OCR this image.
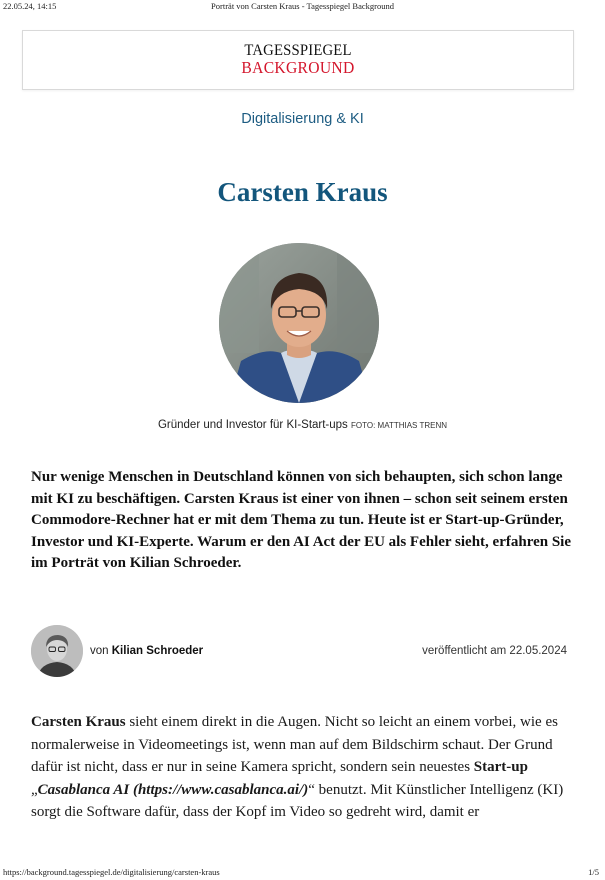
22.05.24, 14:15	Porträt von Carsten Kraus - Tagesspiegel Background
TAGESSPIEGEL
BACKGROUND
Digitalisierung & KI
Carsten Kraus
Gründer und Investor für KI-Start-ups FOTO: MATTHIAS TRENN

Nur wenige Menschen in Deutschland können von sich behaupten, sich schon lange mit KI zu beschäftigen. Carsten Kraus ist einer von ihnen – schon seit seinem ersten Commodore-Rechner hat er mit dem Thema zu tun. Heute ist er Start-up-Gründer, Investor und KI-Experte. Warum er den AI Act der EU als Fehler sieht, erfahren Sie im Porträt von Kilian Schroeder.

von Kilian Schroeder	veröffentlicht am 22.05.2024

Carsten Kraus sieht einem direkt in die Augen. Nicht so leicht an einem vorbei, wie es normalerweise in Videomeetings ist, wenn man auf dem Bildschirm schaut. Der Grund dafür ist nicht, dass er nur in seine Kamera spricht, sondern sein neuestes Start-up „Casablanca AI (https://www.casablanca.ai/)“ benutzt. Mit Künstlicher Intelligenz (KI) sorgt die Software dafür, dass der Kopf im Video so gedreht wird, damit er

https://background.tagesspiegel.de/digitalisierung/carsten-kraus	1/5
